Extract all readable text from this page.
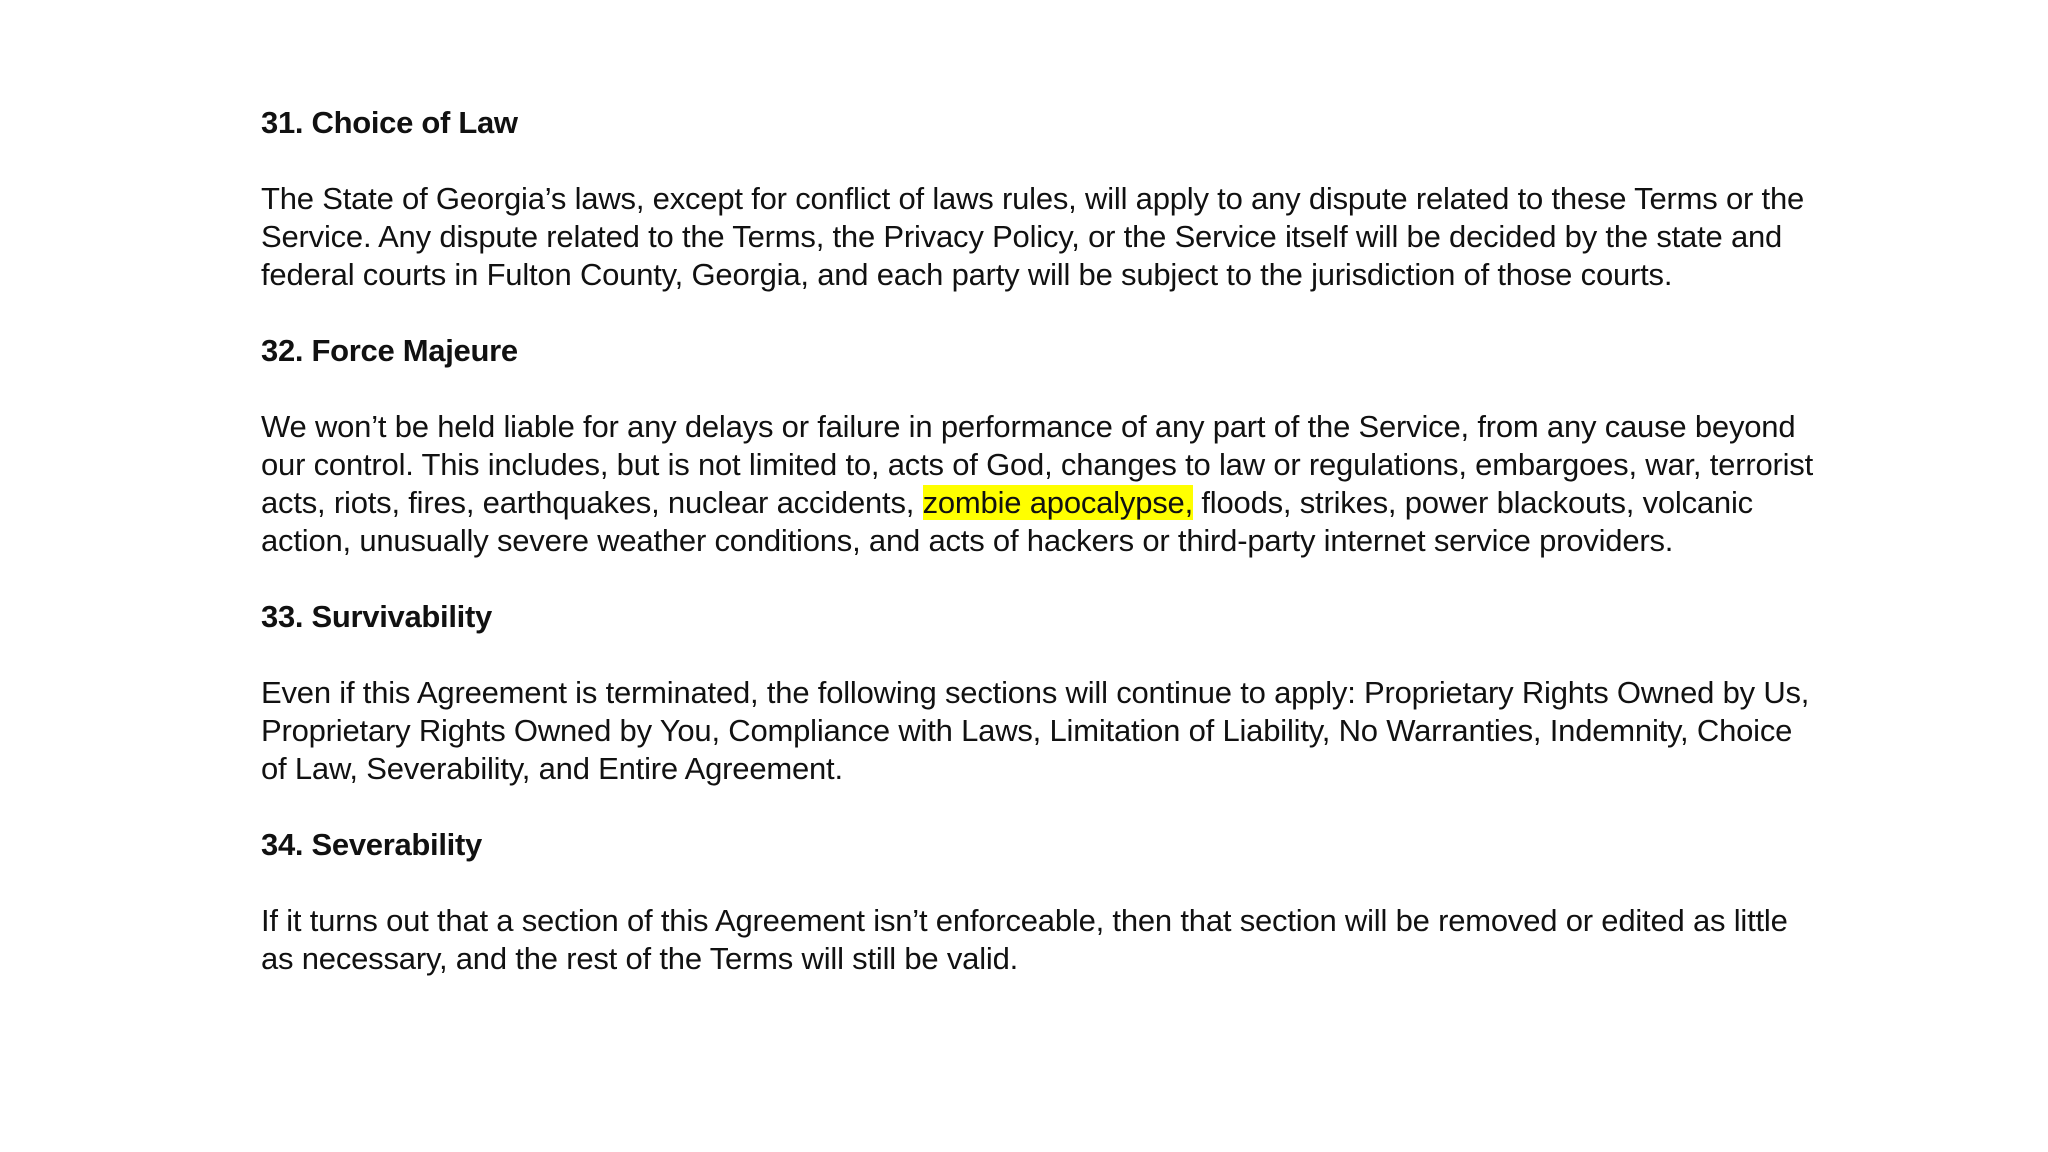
31. Choice of Law
The State of Georgia’s laws, except for conflict of laws rules, will apply to any dispute related to these Terms or the Service. Any dispute related to the Terms, the Privacy Policy, or the Service itself will be decided by the state and federal courts in Fulton County, Georgia, and each party will be subject to the jurisdiction of those courts.
32. Force Majeure
We won’t be held liable for any delays or failure in performance of any part of the Service, from any cause beyond our control. This includes, but is not limited to, acts of God, changes to law or regulations, embargoes, war, terrorist acts, riots, fires, earthquakes, nuclear accidents, zombie apocalypse, floods, strikes, power blackouts, volcanic action, unusually severe weather conditions, and acts of hackers or third-party internet service providers.
33. Survivability
Even if this Agreement is terminated, the following sections will continue to apply: Proprietary Rights Owned by Us, Proprietary Rights Owned by You, Compliance with Laws, Limitation of Liability, No Warranties, Indemnity, Choice of Law, Severability, and Entire Agreement.
34. Severability
If it turns out that a section of this Agreement isn’t enforceable, then that section will be removed or edited as little as necessary, and the rest of the Terms will still be valid.
